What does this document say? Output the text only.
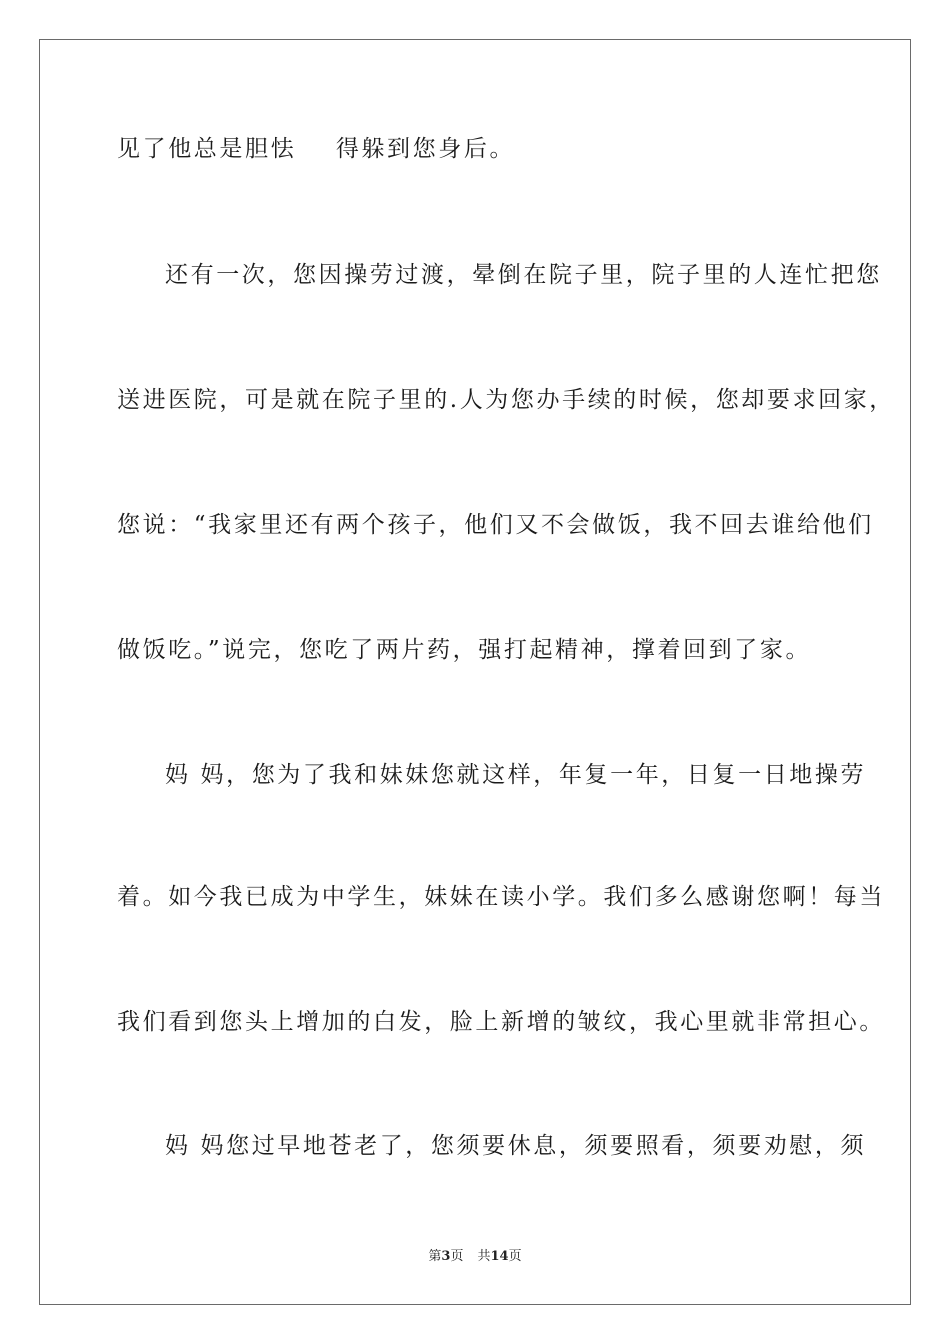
见了他总是胆怯    得躲到您身后。
还有一次，您因操劳过渡，晕倒在院子里，院子里的人连忙把您
送进医院，可是就在院子里的.人为您办手续的时候，您却要求回家，
您说：“我家里还有两个孩子，他们又不会做饭，我不回去谁给他们
做饭吃。”说完，您吃了两片药，强打起精神，撑着回到了家。
妈 妈，您为了我和妹妹您就这样，年复一年，日复一日地操劳
着。如今我已成为中学生，妹妹在读小学。我们多么感谢您啊！每当
我们看到您头上增加的白发，脸上新增的皱纹，我心里就非常担心。
妈 妈您过早地苍老了，您须要休息，须要照看，须要劝慰，须
第3页 共14页
